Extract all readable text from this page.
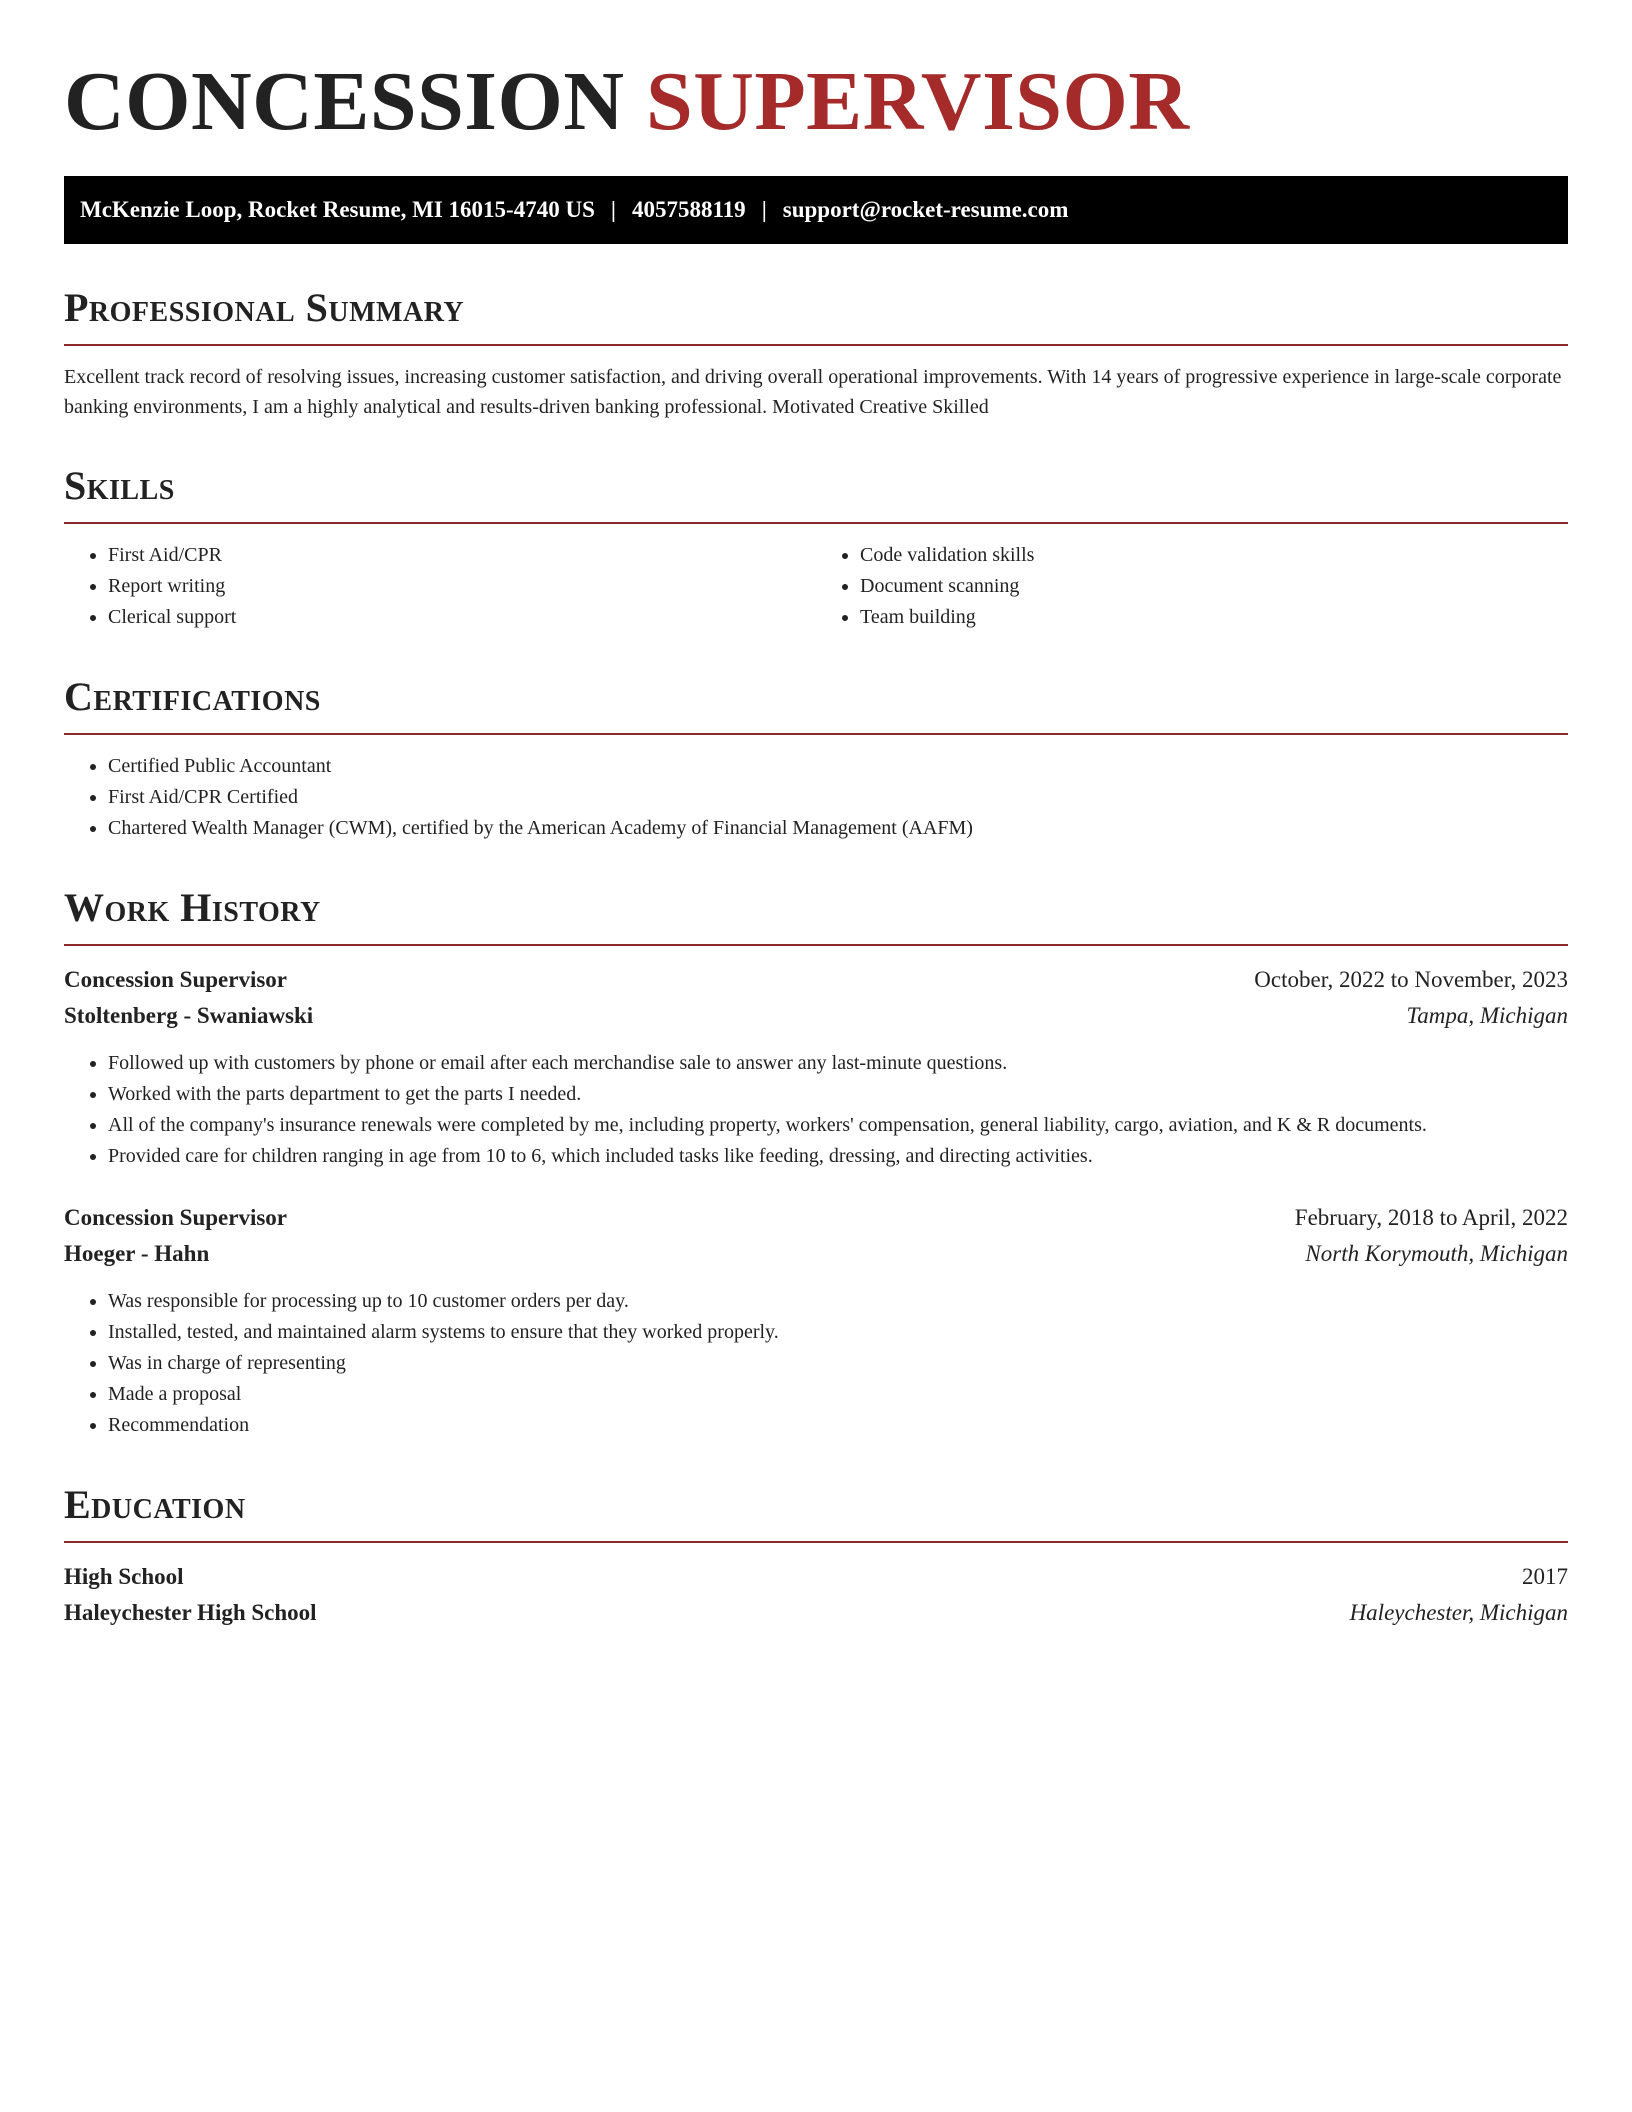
CONCESSION SUPERVISOR
McKenzie Loop, Rocket Resume, MI 16015-4740 US | 4057588119 | support@rocket-resume.com
Professional Summary

Excellent track record of resolving issues, increasing customer satisfaction, and driving overall operational improvements. With 14 years of progressive experience in large-scale corporate banking environments, I am a highly analytical and results-driven banking professional. Motivated Creative Skilled

Skills
• First Aid/CPR
• Report writing
• Clerical support
• Code validation skills
• Document scanning
• Team building
Certifications
• Certified Public Accountant
• First Aid/CPR Certified
• Chartered Wealth Manager (CWM), certified by the American Academy of Financial Management (AAFM)
Work History
Concession Supervisor	October, 2022 to November, 2023
Stoltenberg - Swaniawski	Tampa, Michigan
• Followed up with customers by phone or email after each merchandise sale to answer any last-minute questions.
• Worked with the parts department to get the parts I needed.
• All of the company's insurance renewals were completed by me, including property, workers' compensation, general liability, cargo, aviation, and K & R documents.
• Provided care for children ranging in age from 10 to 6, which included tasks like feeding, dressing, and directing activities.
Concession Supervisor	February, 2018 to April, 2022
Hoeger - Hahn	North Korymouth, Michigan
• Was responsible for processing up to 10 customer orders per day.
• Installed, tested, and maintained alarm systems to ensure that they worked properly.
• Was in charge of representing
• Made a proposal
• Recommendation
Education
High School	2017
Haleychester High School	Haleychester, Michigan
